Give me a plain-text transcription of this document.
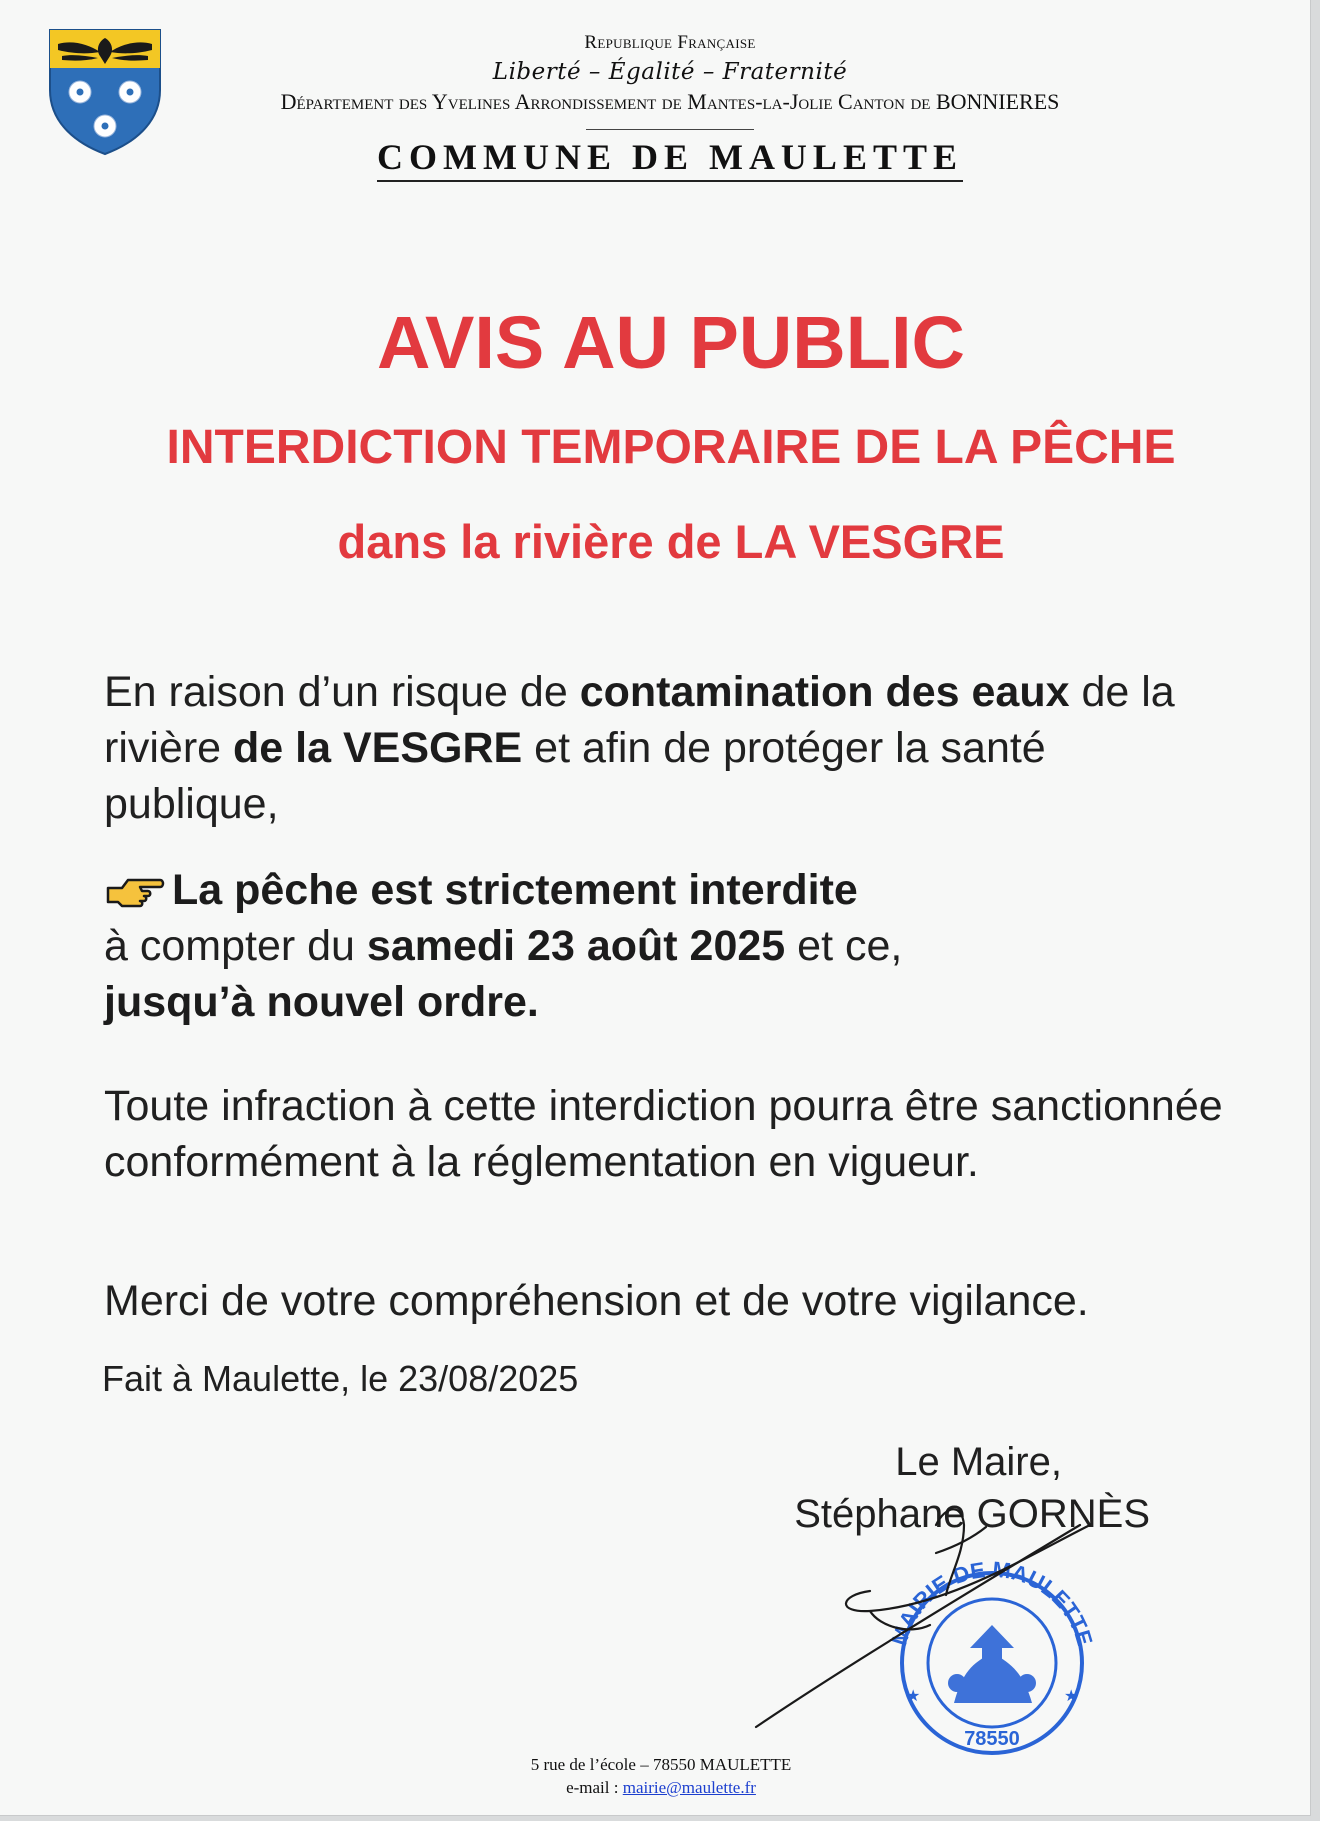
Republique Française
Liberté – Égalité – Fraternité
Département des Yvelines Arrondissement de Mantes-la-Jolie Canton de BONNIERES
COMMUNE DE MAULETTE
AVIS AU PUBLIC
INTERDICTION TEMPORAIRE DE LA PÊCHE
dans la rivière de LA VESGRE
En raison d’un risque de contamination des eaux de la rivière de la VESGRE et afin de protéger la santé publique,
La pêche est strictement interdite
à compter du samedi 23 août 2025 et ce,
jusqu’à nouvel ordre.
Toute infraction à cette interdiction pourra être sanctionnée conformément à la réglementation en vigueur.
Merci de votre compréhension et de votre vigilance.
Fait à Maulette, le 23/08/2025
Le Maire,
Stéphane GORNÈS
MAIRIE DE MAULETTE
78550
★	★
5 rue de l’école – 78550 MAULETTE
e-mail : mairie@maulette.fr
